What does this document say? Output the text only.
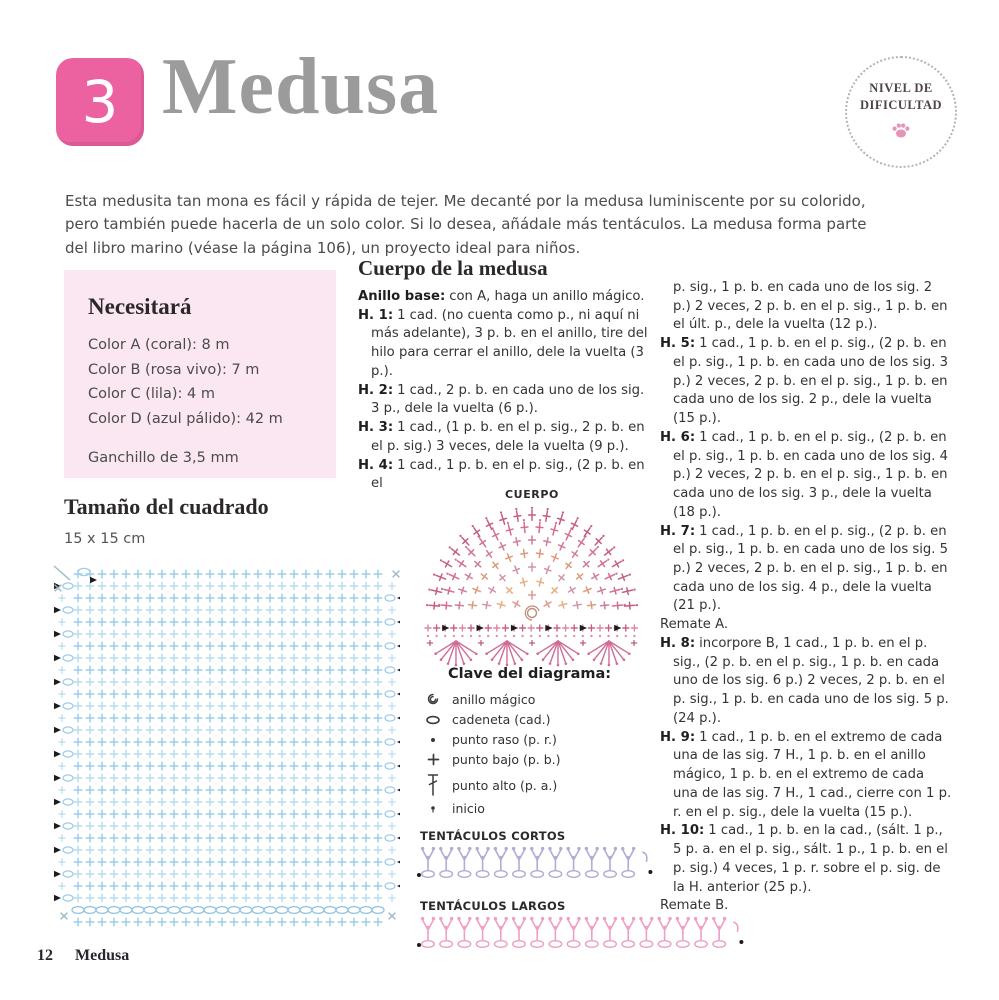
3 Medusa	NIVEL DE
DIFICULTAD

Esta medusita tan mona es fácil y rápida de tejer. Me decanté por la medusa luminiscente por su colorido, pero también puede hacerla de un solo color. Si lo desea, añádale más tentáculos. La medusa forma parte del libro marino (véase la página 106), un proyecto ideal para niños.

Necesitará
Color A (coral): 8 m
Color B (rosa vivo): 7 m
Color C (lila): 4 m
Color D (azul pálido): 42 m
Ganchillo de 3,5 mm
Tamaño del cuadrado
15 x 15 cm
Cuerpo de la medusa

Anillo base: con A, haga un anillo mágico.

H. 1: 1 cad. (no cuenta como p., ni aquí ni más adelante), 3 p. b. en el anillo, tire del hilo para cerrar el anillo, dele la vuelta (3 p.).

H. 2: 1 cad., 2 p. b. en cada uno de los sig. 3 p., dele la vuelta (6 p.).

H. 3: 1 cad., (1 p. b. en el p. sig., 2 p. b. en el p. sig.) 3 veces, dele la vuelta (9 p.).

H. 4: 1 cad., 1 p. b. en el p. sig., (2 p. b. en el

p. sig., 1 p. b. en cada uno de los sig. 2 p.) 2 veces, 2 p. b. en el p. sig., 1 p. b. en el últ. p., dele la vuelta (12 p.).

H. 5: 1 cad., 1 p. b. en el p. sig., (2 p. b. en el p. sig., 1 p. b. en cada uno de los sig. 3 p.) 2 veces, 2 p. b. en el p. sig., 1 p. b. en cada uno de los sig. 2 p., dele la vuelta (15 p.).

H. 6: 1 cad., 1 p. b. en el p. sig., (2 p. b. en el p. sig., 1 p. b. en cada uno de los sig. 4 p.) 2 veces, 2 p. b. en el p. sig., 1 p. b. en cada uno de los sig. 3 p., dele la vuelta (18 p.).

H. 7: 1 cad., 1 p. b. en el p. sig., (2 p. b. en el p. sig., 1 p. b. en cada uno de los sig. 5 p.) 2 veces, 2 p. b. en el p. sig., 1 p. b. en cada uno de los sig. 4 p., dele la vuelta (21 p.).

Remate A.

H. 8: incorpore B, 1 cad., 1 p. b. en el p. sig., (2 p. b. en el p. sig., 1 p. b. en cada uno de los sig. 6 p.) 2 veces, 2 p. b. en el p. sig., 1 p. b. en cada uno de los sig. 5 p. (24 p.).

H. 9: 1 cad., 1 p. b. en el extremo de cada una de las sig. 7 H., 1 p. b. en el anillo mágico, 1 p. b. en el extremo de cada una de las sig. 7 H., 1 cad., cierre con 1 p. r. en el p. sig., dele la vuelta (15 p.).

H. 10: 1 cad., 1 p. b. en la cad., (sált. 1 p., 5 p. a. en el p. sig., sált. 1 p., 1 p. b. en el p. sig.) 4 veces, 1 p. r. sobre el p. sig. de la H. anterior (25 p.).

Remate B.

CUERPO
Clave del diagrama:
anillo mágico
cadeneta (cad.)
punto raso (p. r.)
punto bajo (p. b.)
punto alto (p. a.)
inicio
TENTÁCULOS CORTOS
TENTÁCULOS LARGOS
12 Medusa
